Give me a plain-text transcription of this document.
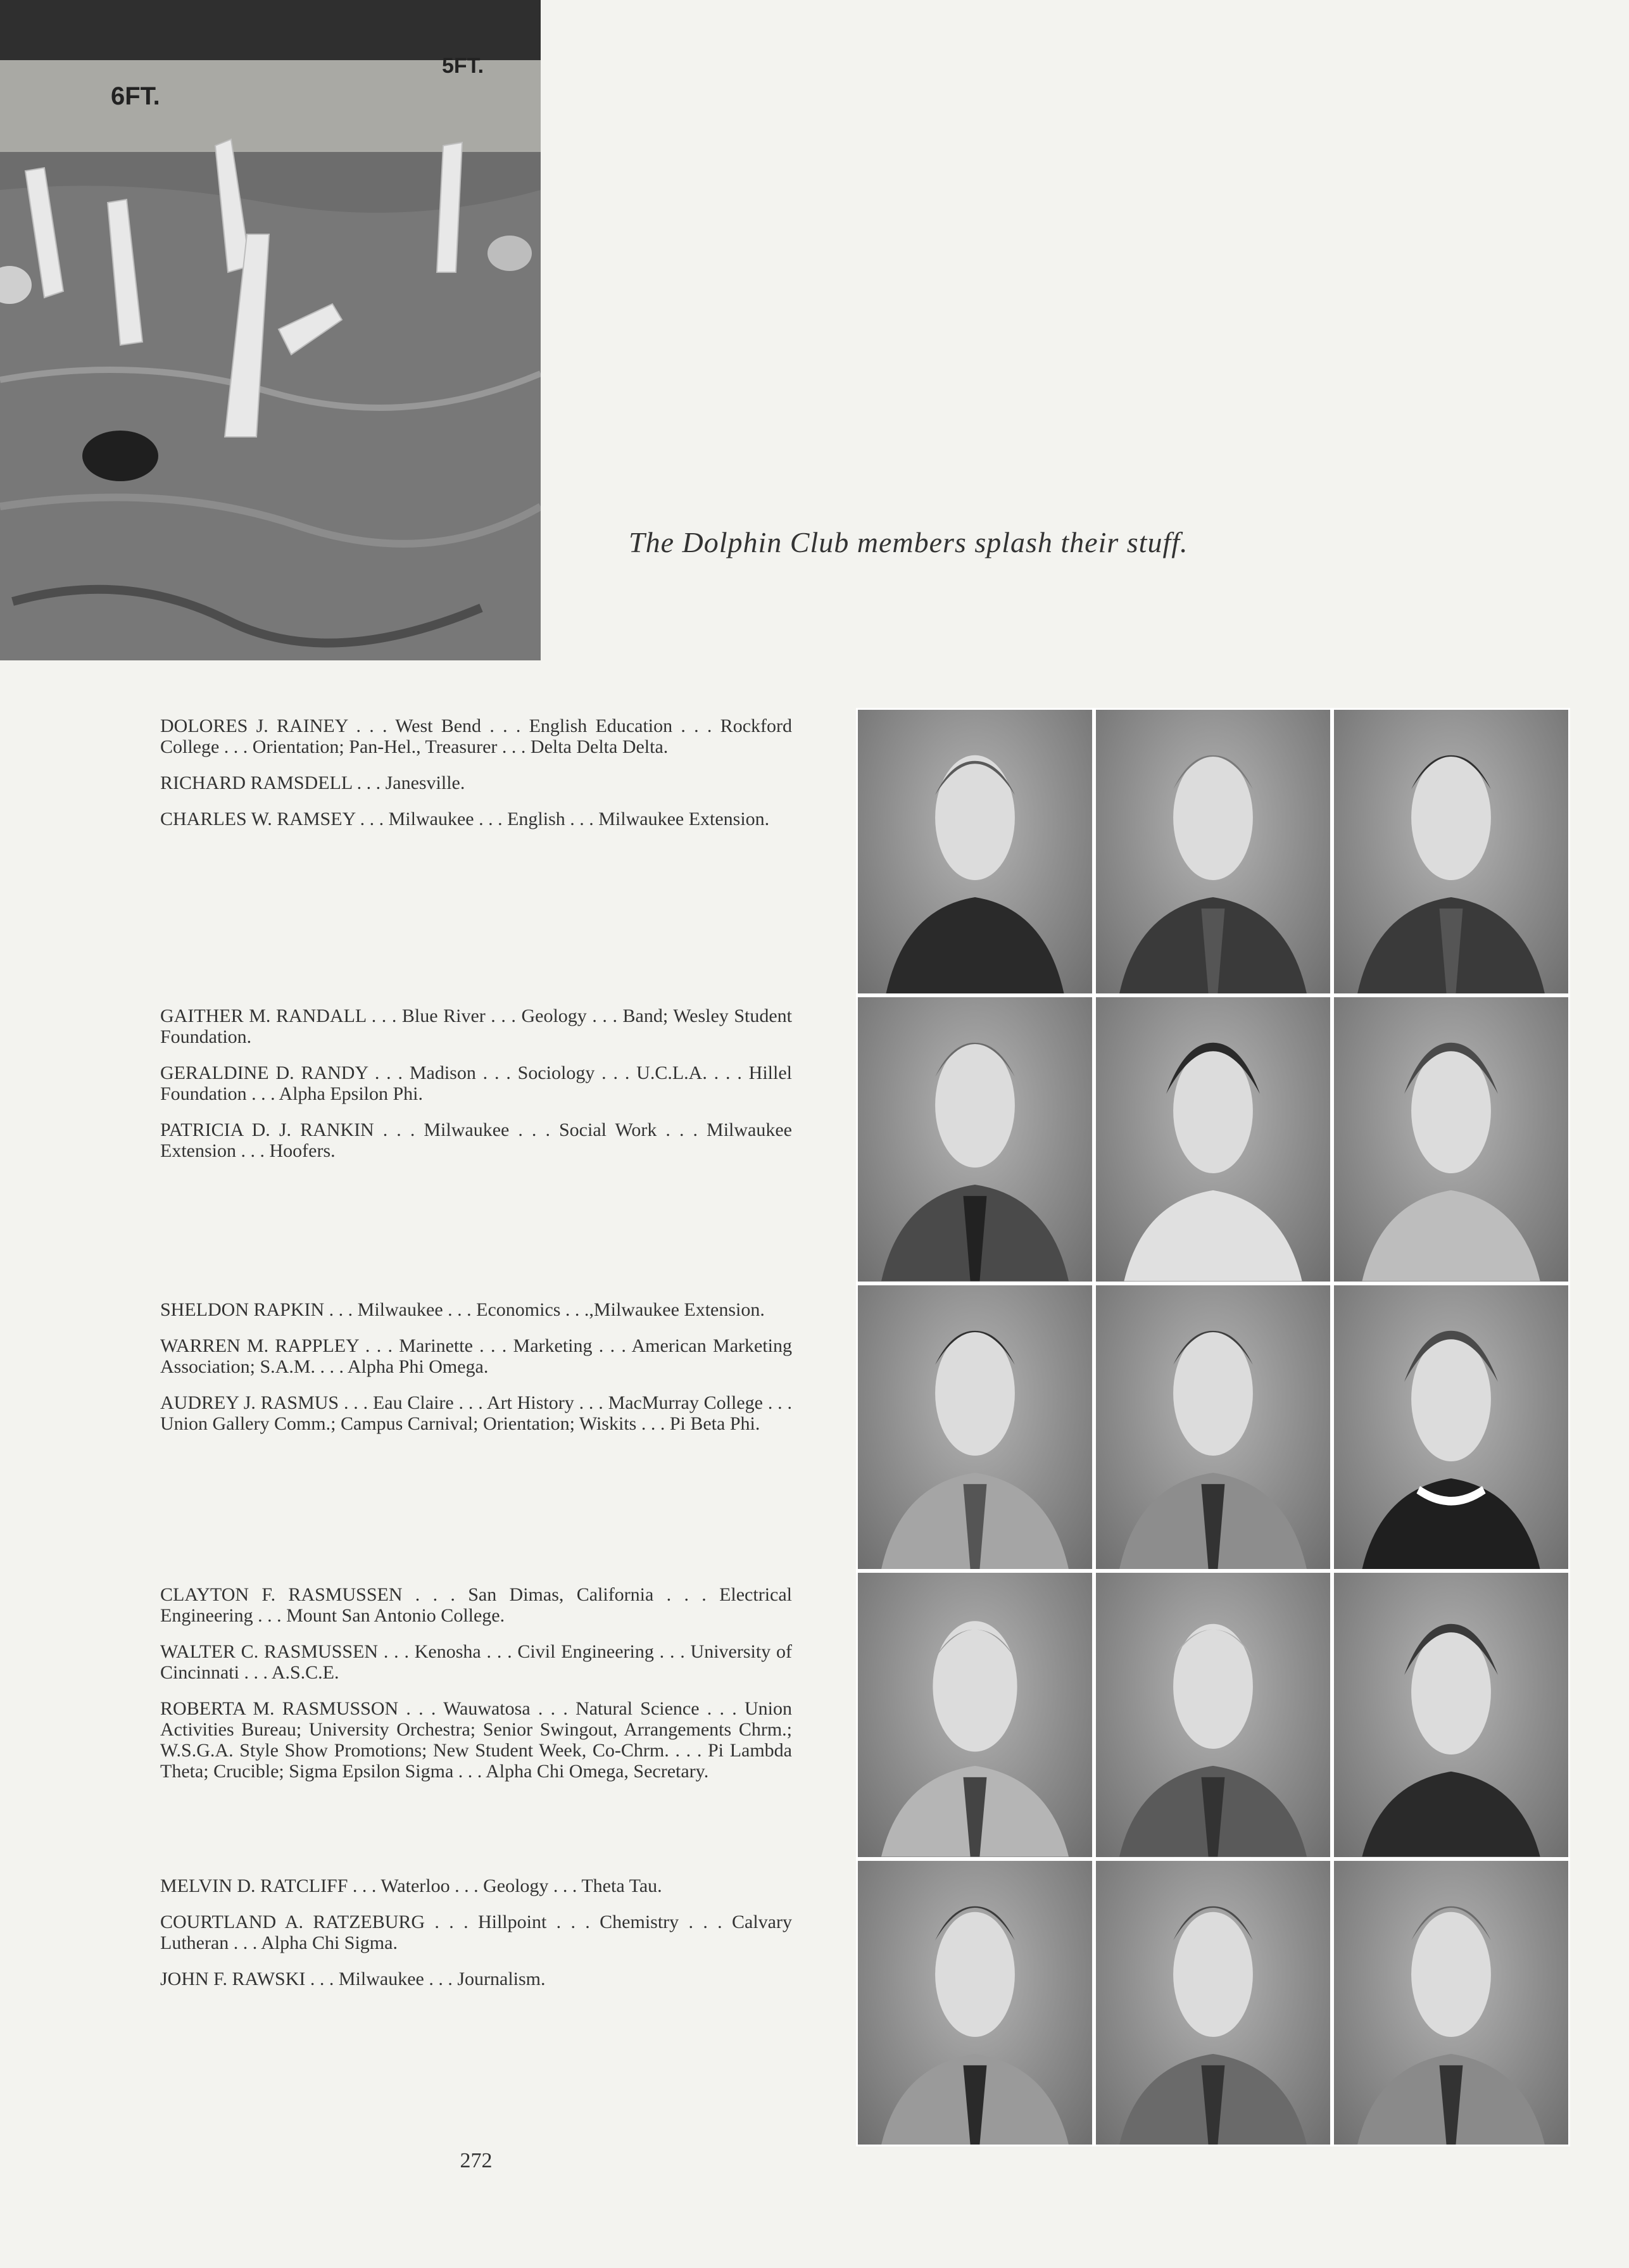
6FT.
5FT.
The Dolphin Club members splash their stuff.

DOLORES J. RAINEY . . . West Bend . . . English Education . . . Rockford College . . . Orientation; Pan-Hel., Treasurer . . . Delta Delta Delta.

RICHARD RAMSDELL . . . Janesville.

CHARLES W. RAMSEY . . . Milwaukee . . . English . . . Milwaukee Extension.

GAITHER M. RANDALL . . . Blue River . . . Geology . . . Band; Wesley Student Foundation.

GERALDINE D. RANDY . . . Madison . . . Sociology . . . U.C.L.A. . . . Hillel Foundation . . . Alpha Epsilon Phi.

PATRICIA D. J. RANKIN . . . Milwaukee . . . Social Work . . . Milwaukee Extension . . . Hoofers.

SHELDON RAPKIN . . . Milwaukee . . . Economics . . .,Milwaukee Extension.

WARREN M. RAPPLEY . . . Marinette . . . Marketing . . . American Marketing Association; S.A.M. . . . Alpha Phi Omega.

AUDREY J. RASMUS . . . Eau Claire . . . Art History . . . MacMurray College . . . Union Gallery Comm.; Campus Carnival; Orientation; Wiskits . . . Pi Beta Phi.

CLAYTON F. RASMUSSEN . . . San Dimas, California . . . Electrical Engineering . . . Mount San Antonio College.

WALTER C. RASMUSSEN . . . Kenosha . . . Civil Engineering . . . University of Cincinnati . . . A.S.C.E.

ROBERTA M. RASMUSSON . . . Wauwatosa . . . Natural Science . . . Union Activities Bureau; University Orchestra; Senior Swingout, Arrangements Chrm.; W.S.G.A. Style Show Promotions; New Student Week, Co-Chrm. . . . Pi Lambda Theta; Crucible; Sigma Epsilon Sigma . . . Alpha Chi Omega, Secretary.

MELVIN D. RATCLIFF . . . Waterloo . . . Geology . . . Theta Tau.

COURTLAND A. RATZEBURG . . . Hillpoint . . . Chemistry . . . Calvary Lutheran . . . Alpha Chi Sigma.

JOHN F. RAWSKI . . . Milwaukee . . . Journalism.

272
